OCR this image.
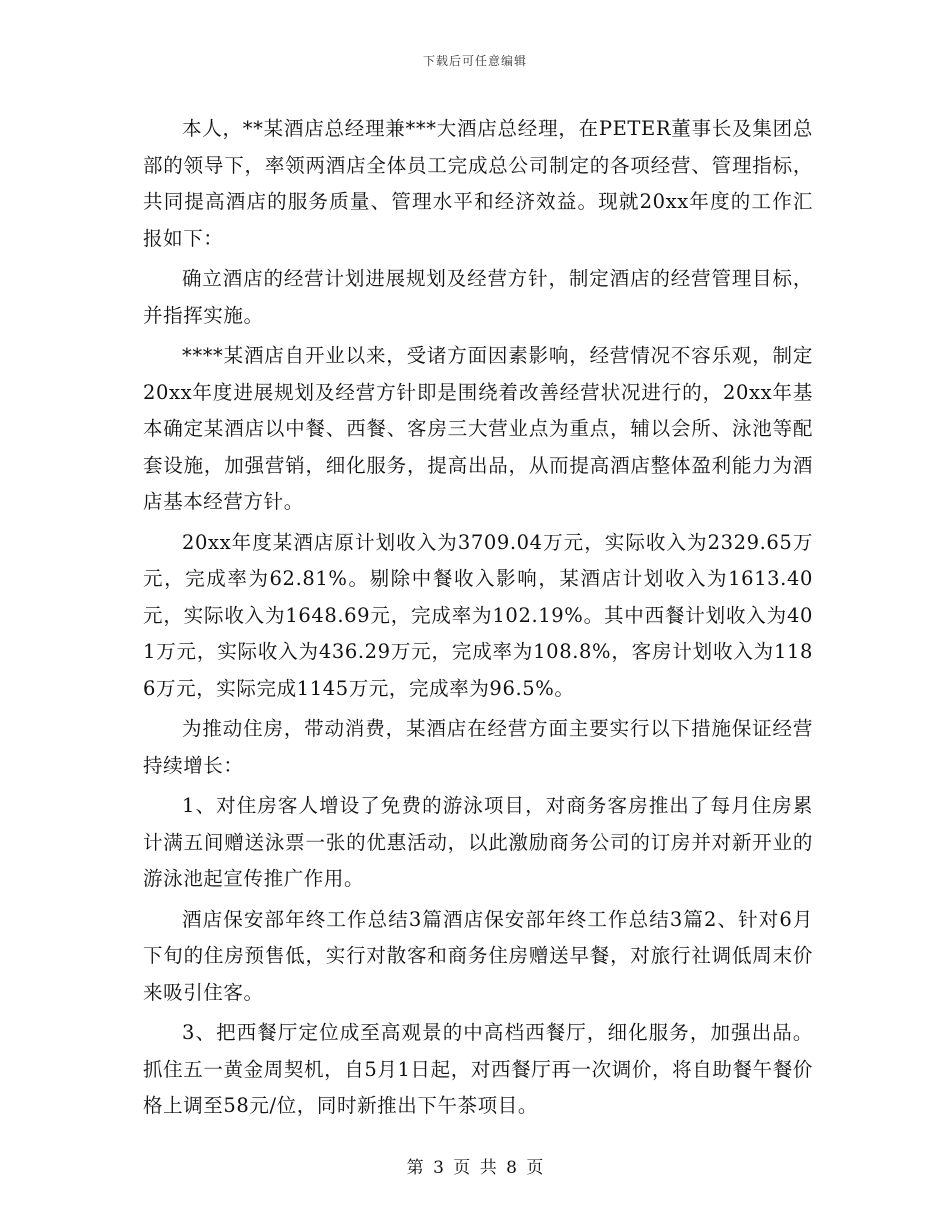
下载后可任意编辑

本人，**某酒店总经理兼***大酒店总经理，在PETER董事长及集团总部的领导下，率领两酒店全体员工完成总公司制定的各项经营、管理指标，共同提高酒店的服务质量、管理水平和经济效益。现就20xx年度的工作汇报如下：

确立酒店的经营计划进展规划及经营方针，制定酒店的经营管理目标，并指挥实施。

****某酒店自开业以来，受诸方面因素影响，经营情况不容乐观，制定20xx年度进展规划及经营方针即是围绕着改善经营状况进行的，20xx年基本确定某酒店以中餐、西餐、客房三大营业点为重点，辅以会所、泳池等配套设施，加强营销，细化服务，提高出品，从而提高酒店整体盈利能力为酒店基本经营方针。

20xx年度某酒店原计划收入为3709.04万元，实际收入为2329.65万元，完成率为62.81%。剔除中餐收入影响，某酒店计划收入为1613.40元，实际收入为1648.69元，完成率为102.19%。其中西餐计划收入为401万元，实际收入为436.29万元，完成率为108.8%，客房计划收入为1186万元，实际完成1145万元，完成率为96.5%。

为推动住房，带动消费，某酒店在经营方面主要实行以下措施保证经营持续增长：

1、对住房客人增设了免费的游泳项目，对商务客房推出了每月住房累计满五间赠送泳票一张的优惠活动，以此激励商务公司的订房并对新开业的游泳池起宣传推广作用。

酒店保安部年终工作总结3篇酒店保安部年终工作总结3篇2、针对6月下旬的住房预售低，实行对散客和商务住房赠送早餐，对旅行社调低周末价来吸引住客。

3、把西餐厅定位成至高观景的中高档西餐厅，细化服务，加强出品。抓住五一黄金周契机，自5月1日起，对西餐厅再一次调价，将自助餐午餐价格上调至58元/位，同时新推出下午茶项目。

第 3 页 共 8 页
